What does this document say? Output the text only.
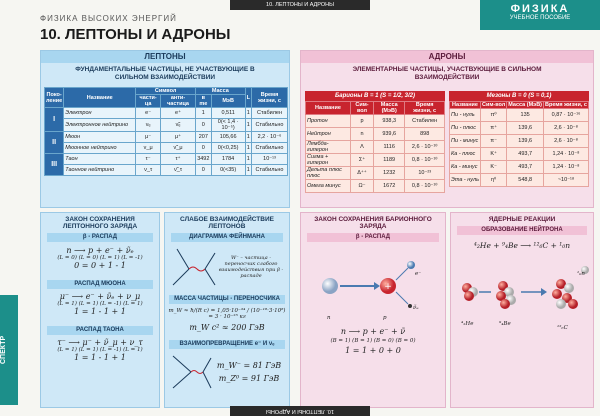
10. ЛЕПТОНЫ И АДРОНЫ	ФИЗИКА
УЧЕБНОЕ ПОСОБИЕ
ФИЗИКА ВЫСОКИХ ЭНЕРГИЙ
10. ЛЕПТОНЫ И АДРОНЫ
СПЕКТР
ЛЕПТОНЫ
ФУНДАМЕНТАЛЬНЫЕ ЧАСТИЦЫ, НЕ УЧАСТВУЮЩИЕ В СИЛЬНОМ ВЗАИМОДЕЙСТВИИ
Поко-ление	Название	Символ		Масса		L	Время жизни, с
		части-ца	анти-частица	в me	МэВ		
I	Электрон	e⁻	e⁺	1	0,511	1	Стабилен
	Электронное нейтрино	νₑ	ν̃ₑ	0	0(< 1,4 · 10⁻⁵)	1	Стабильно
II	Мюон	μ⁻	μ⁺	207	105,66	1	2,2 · 10⁻⁶
	Мюонное нейтрино	ν_μ	ν̃_μ	0	0(<0,25)	1	Стабильно
III	Таон	τ⁻	τ⁺	3492	1784	1	10⁻¹³
	Таонное нейтрино	ν_τ	ν̃_τ	0	0(<35)	1	Стабильно
АДРОНЫ
ЭЛЕМЕНТАРНЫЕ ЧАСТИЦЫ, УЧАСТВУЮЩИЕ В СИЛЬНОМ ВЗАИМОДЕЙСТВИИ
Барионы B = 1 (S = 1/2, 3/2)
Название	Сим-вол	Масса (МэВ)	Время жизни, с
Протон	p	938,3	Стабилен
Нейтрон	n	939,6	898
Лямбда-гиперон	Λ	1116	2,6 · 10⁻¹⁰
Сигма + гиперон	Σ⁺	1189	0,8 · 10⁻¹⁰
Дельта плюс плюс	Δ⁺⁺	1232	10⁻²³
Омега минус	Ω⁻	1672	0,8 · 10⁻¹⁰
Мезоны B = 0 (S = 0,1)
Название	Сим-вол	Масса (МэВ)	Время жизни, с
Пи - нуль	π⁰	135	0,87 · 10⁻¹⁶
Пи - плюс	π⁺	139,6	2,6 · 10⁻⁸
Пи - минус	π⁻	139,6	2,6 · 10⁻⁸
Ка - плюс	K⁺	493,7	1,24 · 10⁻⁸
Ка - минус	K⁻	493,7	1,24 · 10⁻⁸
Эта - нуль	η⁰	548,8	~10⁻¹⁸
ЗАКОН СОХРАНЕНИЯ ЛЕПТОННОГО ЗАРЯДА
β - РАСПАД
n ⟶ p + e⁻ + ν̃ₑ
(L = 0) (L = 0) (L = 1) (L = -1)
0 = 0 + 1 - 1
РАСПАД МЮОНА
μ⁻ ⟶ e⁻ + ν̃ₑ + ν_μ
(L = 1) (L = 1) (L = -1) (L = 1)
1 = 1 - 1 + 1
РАСПАД ТАОНА
τ⁻ ⟶ μ⁻ + ν̃_μ + ν_τ
(L = 1) (L = 1) (L = -1) (L = 1)
1 = 1 - 1 + 1
СЛАБОЕ ВЗАИМОДЕЙСТВИЕ ЛЕПТОНОВ
ДИАГРАММА ФЕЙНМАНА
W⁻ – частица - переносчик слабого взаимодействия при β - распаде
МАССА ЧАСТИЦЫ - ПЕРЕНОСЧИКА
m_W ≈ ħ/(R c) = 1,05·10⁻³⁴ / (10⁻¹⁸·3·10⁸) = 3 · 10⁻²⁵ кг
m_W c² ≈ 200 ГэВ
ВЗАИМОПРЕВРАЩЕНИЕ e⁻ И νₑ
m_W⁻ = 81 ГэВ
m_Z⁰ = 91 ГэВ
ЗАКОН СОХРАНЕНИЯ БАРИОННОГО ЗАРЯДА
β - РАСПАД
+
n	p
e⁻
ν̃ₑ
n ⟶ p + e⁻ + ν̃
(B = 1) (B = 1) (B = 0) (B = 0)
1 = 1 + 0 + 0
ЯДЕРНЫЕ РЕАКЦИИ
ОБРАЗОВАНИЕ НЕЙТРОНА
⁴₂He + ⁹₄Be ⟶ ¹²₆C + ¹₀n
⁴₂He	⁹₄Be
¹²₆C
¹₀n
10. ЛЕПТОНЫ И АДРОНЫ
